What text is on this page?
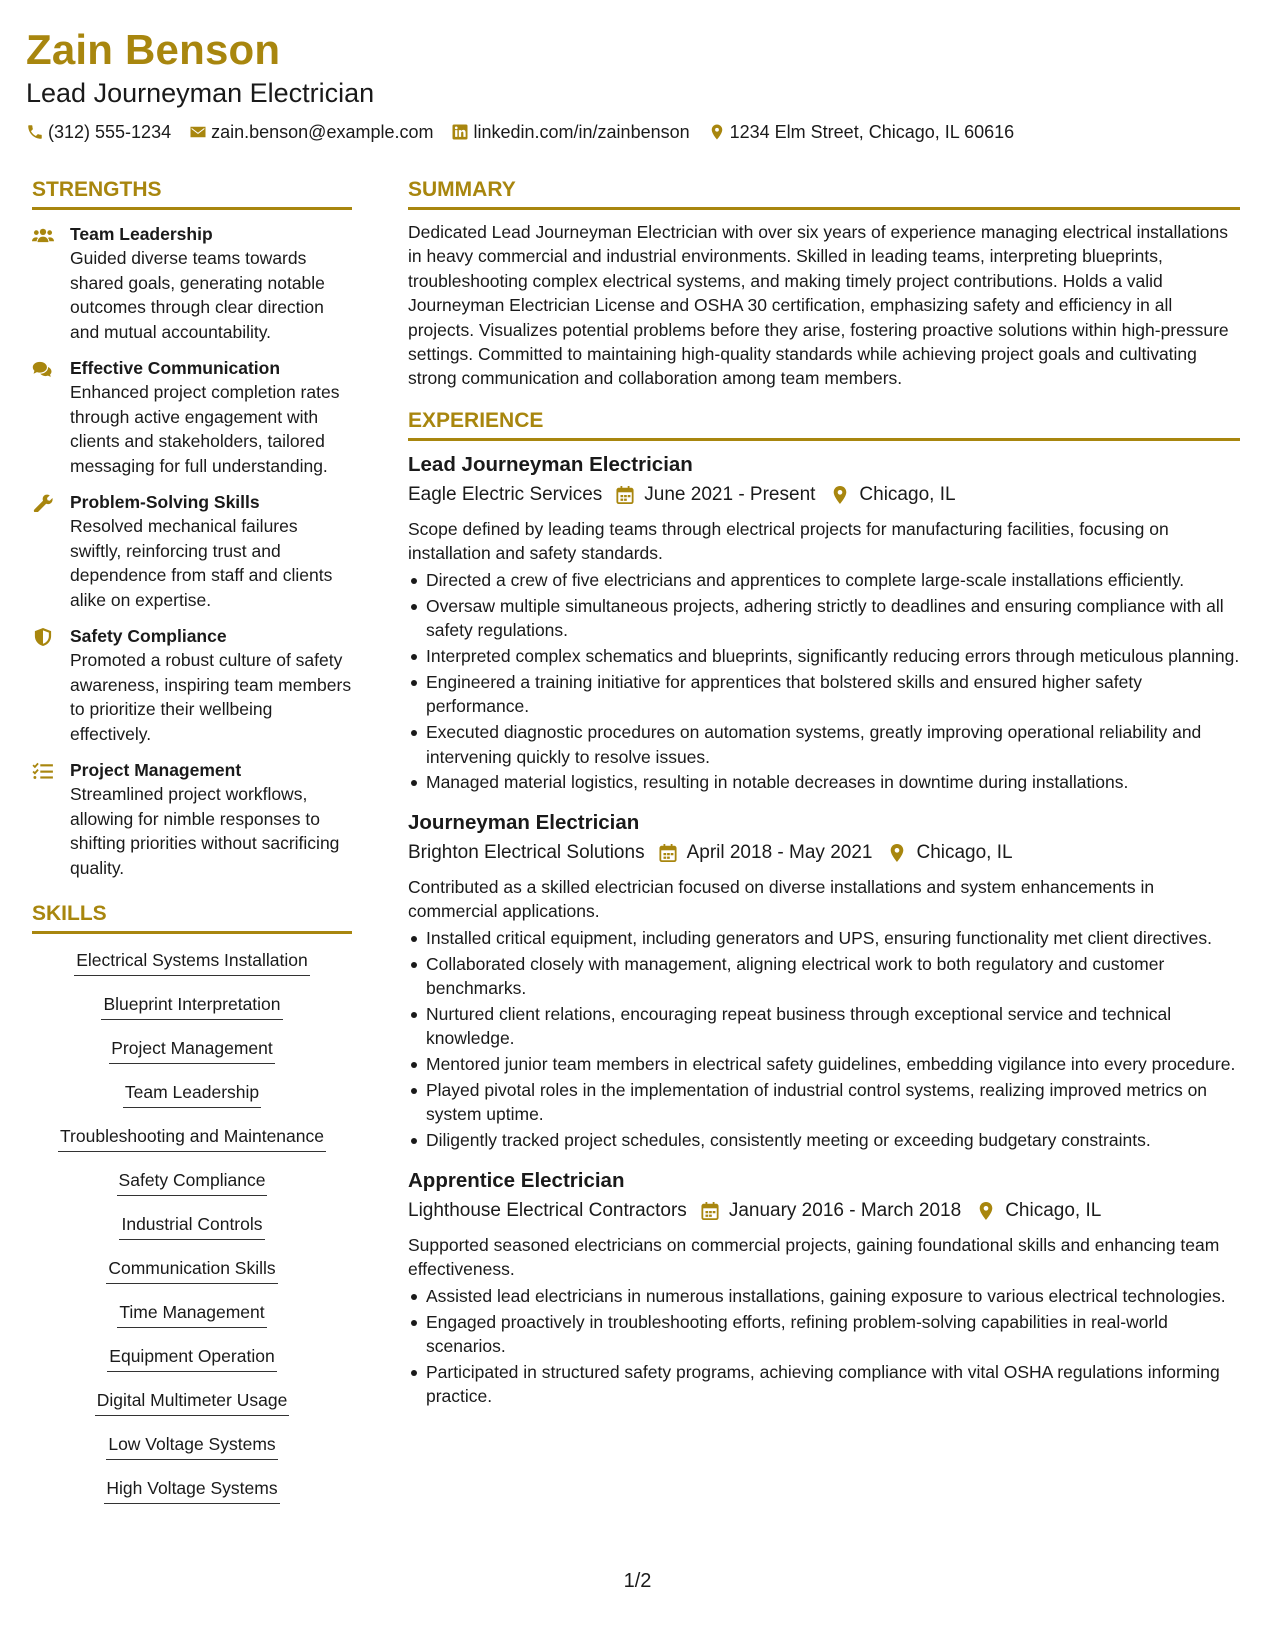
Zain Benson
Lead Journeyman Electrician
(312) 555-1234 zain.benson@example.com linkedin.com/in/zainbenson 1234 Elm Street, Chicago, IL 60616
STRENGTHS
Team Leadership
Guided diverse teams towards shared goals, generating notable outcomes through clear direction and mutual accountability.
Effective Communication
Enhanced project completion rates through active engagement with clients and stakeholders, tailored messaging for full understanding.
Problem-Solving Skills
Resolved mechanical failures swiftly, reinforcing trust and dependence from staff and clients alike on expertise.
Safety Compliance
Promoted a robust culture of safety awareness, inspiring team members to prioritize their wellbeing effectively.
Project Management
Streamlined project workflows, allowing for nimble responses to shifting priorities without sacrificing quality.
SKILLS
Electrical Systems Installation
Blueprint Interpretation
Project Management
Team Leadership
Troubleshooting and Maintenance
Safety Compliance
Industrial Controls
Communication Skills
Time Management
Equipment Operation
Digital Multimeter Usage
Low Voltage Systems
High Voltage Systems
SUMMARY
Dedicated Lead Journeyman Electrician with over six years of experience managing electrical installations in heavy commercial and industrial environments. Skilled in leading teams, interpreting blueprints, troubleshooting complex electrical systems, and making timely project contributions. Holds a valid Journeyman Electrician License and OSHA 30 certification, emphasizing safety and efficiency in all projects. Visualizes potential problems before they arise, fostering proactive solutions within high-pressure settings. Committed to maintaining high-quality standards while achieving project goals and cultivating strong communication and collaboration among team members.
EXPERIENCE
Lead Journeyman Electrician
Eagle Electric Services June 2021 - Present Chicago, IL
Scope defined by leading teams through electrical projects for manufacturing facilities, focusing on installation and safety standards.
Directed a crew of five electricians and apprentices to complete large-scale installations efficiently.
Oversaw multiple simultaneous projects, adhering strictly to deadlines and ensuring compliance with all safety regulations.
Interpreted complex schematics and blueprints, significantly reducing errors through meticulous planning.
Engineered a training initiative for apprentices that bolstered skills and ensured higher safety performance.
Executed diagnostic procedures on automation systems, greatly improving operational reliability and intervening quickly to resolve issues.
Managed material logistics, resulting in notable decreases in downtime during installations.
Journeyman Electrician
Brighton Electrical Solutions April 2018 - May 2021 Chicago, IL
Contributed as a skilled electrician focused on diverse installations and system enhancements in commercial applications.
Installed critical equipment, including generators and UPS, ensuring functionality met client directives.
Collaborated closely with management, aligning electrical work to both regulatory and customer benchmarks.
Nurtured client relations, encouraging repeat business through exceptional service and technical knowledge.
Mentored junior team members in electrical safety guidelines, embedding vigilance into every procedure.
Played pivotal roles in the implementation of industrial control systems, realizing improved metrics on system uptime.
Diligently tracked project schedules, consistently meeting or exceeding budgetary constraints.
Apprentice Electrician
Lighthouse Electrical Contractors January 2016 - March 2018 Chicago, IL
Supported seasoned electricians on commercial projects, gaining foundational skills and enhancing team effectiveness.
Assisted lead electricians in numerous installations, gaining exposure to various electrical technologies.
Engaged proactively in troubleshooting efforts, refining problem-solving capabilities in real-world scenarios.
Participated in structured safety programs, achieving compliance with vital OSHA regulations informing practice.
1/2
